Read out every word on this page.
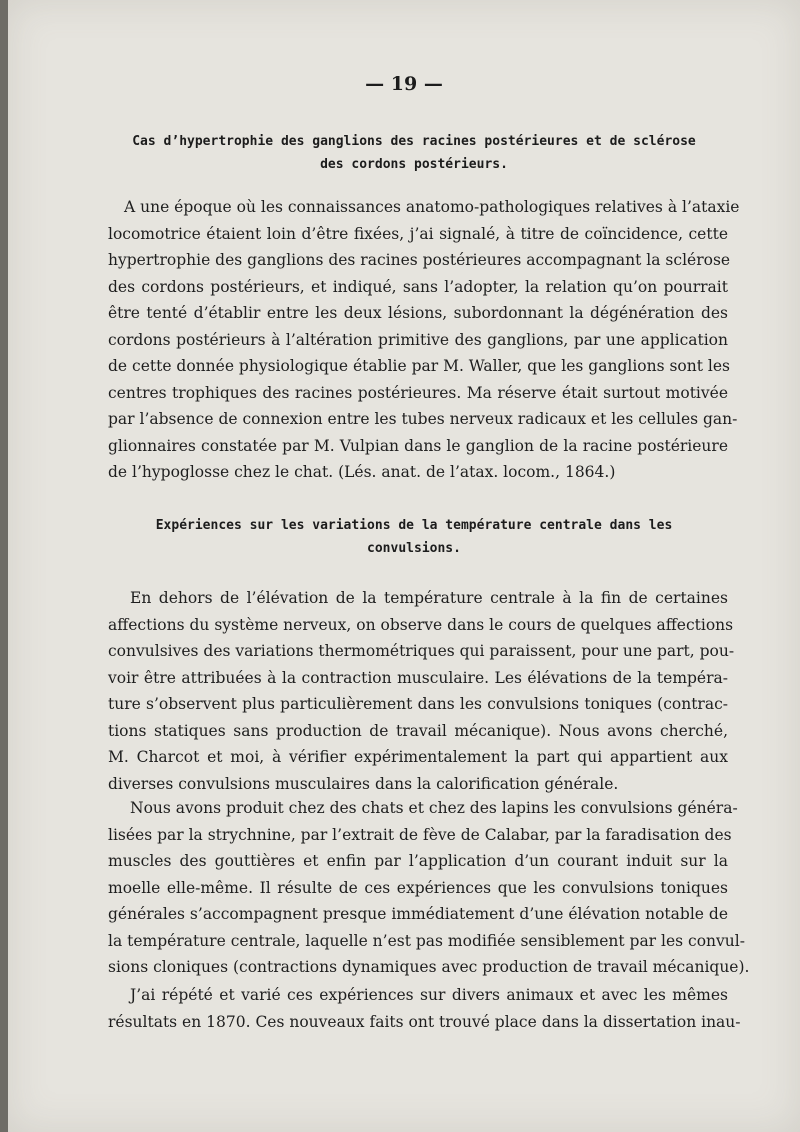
— 19 —
Cas d’hypertrophie des ganglions des racines postérieures et de sclérose
des cordons postérieurs.

A une époque où les connaissances anatomo-pathologiques relatives à l’ataxie
locomotrice étaient loin d’être fixées, j’ai signalé, à titre de coïncidence, cette
hypertrophie des ganglions des racines postérieures accompagnant la sclérose
des cordons postérieurs, et indiqué, sans l’adopter, la relation qu’on pourrait
être tenté d’établir entre les deux lésions, subordonnant la dégénération des
cordons postérieurs à l’altération primitive des ganglions, par une application
de cette donnée physiologique établie par M. Waller, que les ganglions sont les
centres trophiques des racines postérieures. Ma réserve était surtout motivée
par l’absence de connexion entre les tubes nerveux radicaux et les cellules gan-
glionnaires constatée par M. Vulpian dans le ganglion de la racine postérieure
de l’hypoglosse chez le chat. (Lés. anat. de l’atax. locom., 1864.)

Expériences sur les variations de la température centrale dans les
convulsions.

En dehors de l’élévation de la température centrale à la fin de certaines
affections du système nerveux, on observe dans le cours de quelques affections
convulsives des variations thermométriques qui paraissent, pour une part, pou-
voir être attribuées à la contraction musculaire. Les élévations de la tempéra-
ture s’observent plus particulièrement dans les convulsions toniques (contrac-
tions statiques sans production de travail mécanique). Nous avons cherché,
M. Charcot et moi, à vérifier expérimentalement la part qui appartient aux
diverses convulsions musculaires dans la calorification générale.

Nous avons produit chez des chats et chez des lapins les convulsions généra-
lisées par la strychnine, par l’extrait de fève de Calabar, par la faradisation des
muscles des gouttières et enfin par l’application d’un courant induit sur la
moelle elle-même. Il résulte de ces expériences que les convulsions toniques
générales s’accompagnent presque immédiatement d’une élévation notable de
la température centrale, laquelle n’est pas modifiée sensiblement par les convul-
sions cloniques (contractions dynamiques avec production de travail mécanique).

J’ai répété et varié ces expériences sur divers animaux et avec les mêmes
résultats en 1870. Ces nouveaux faits ont trouvé place dans la dissertation inau-
